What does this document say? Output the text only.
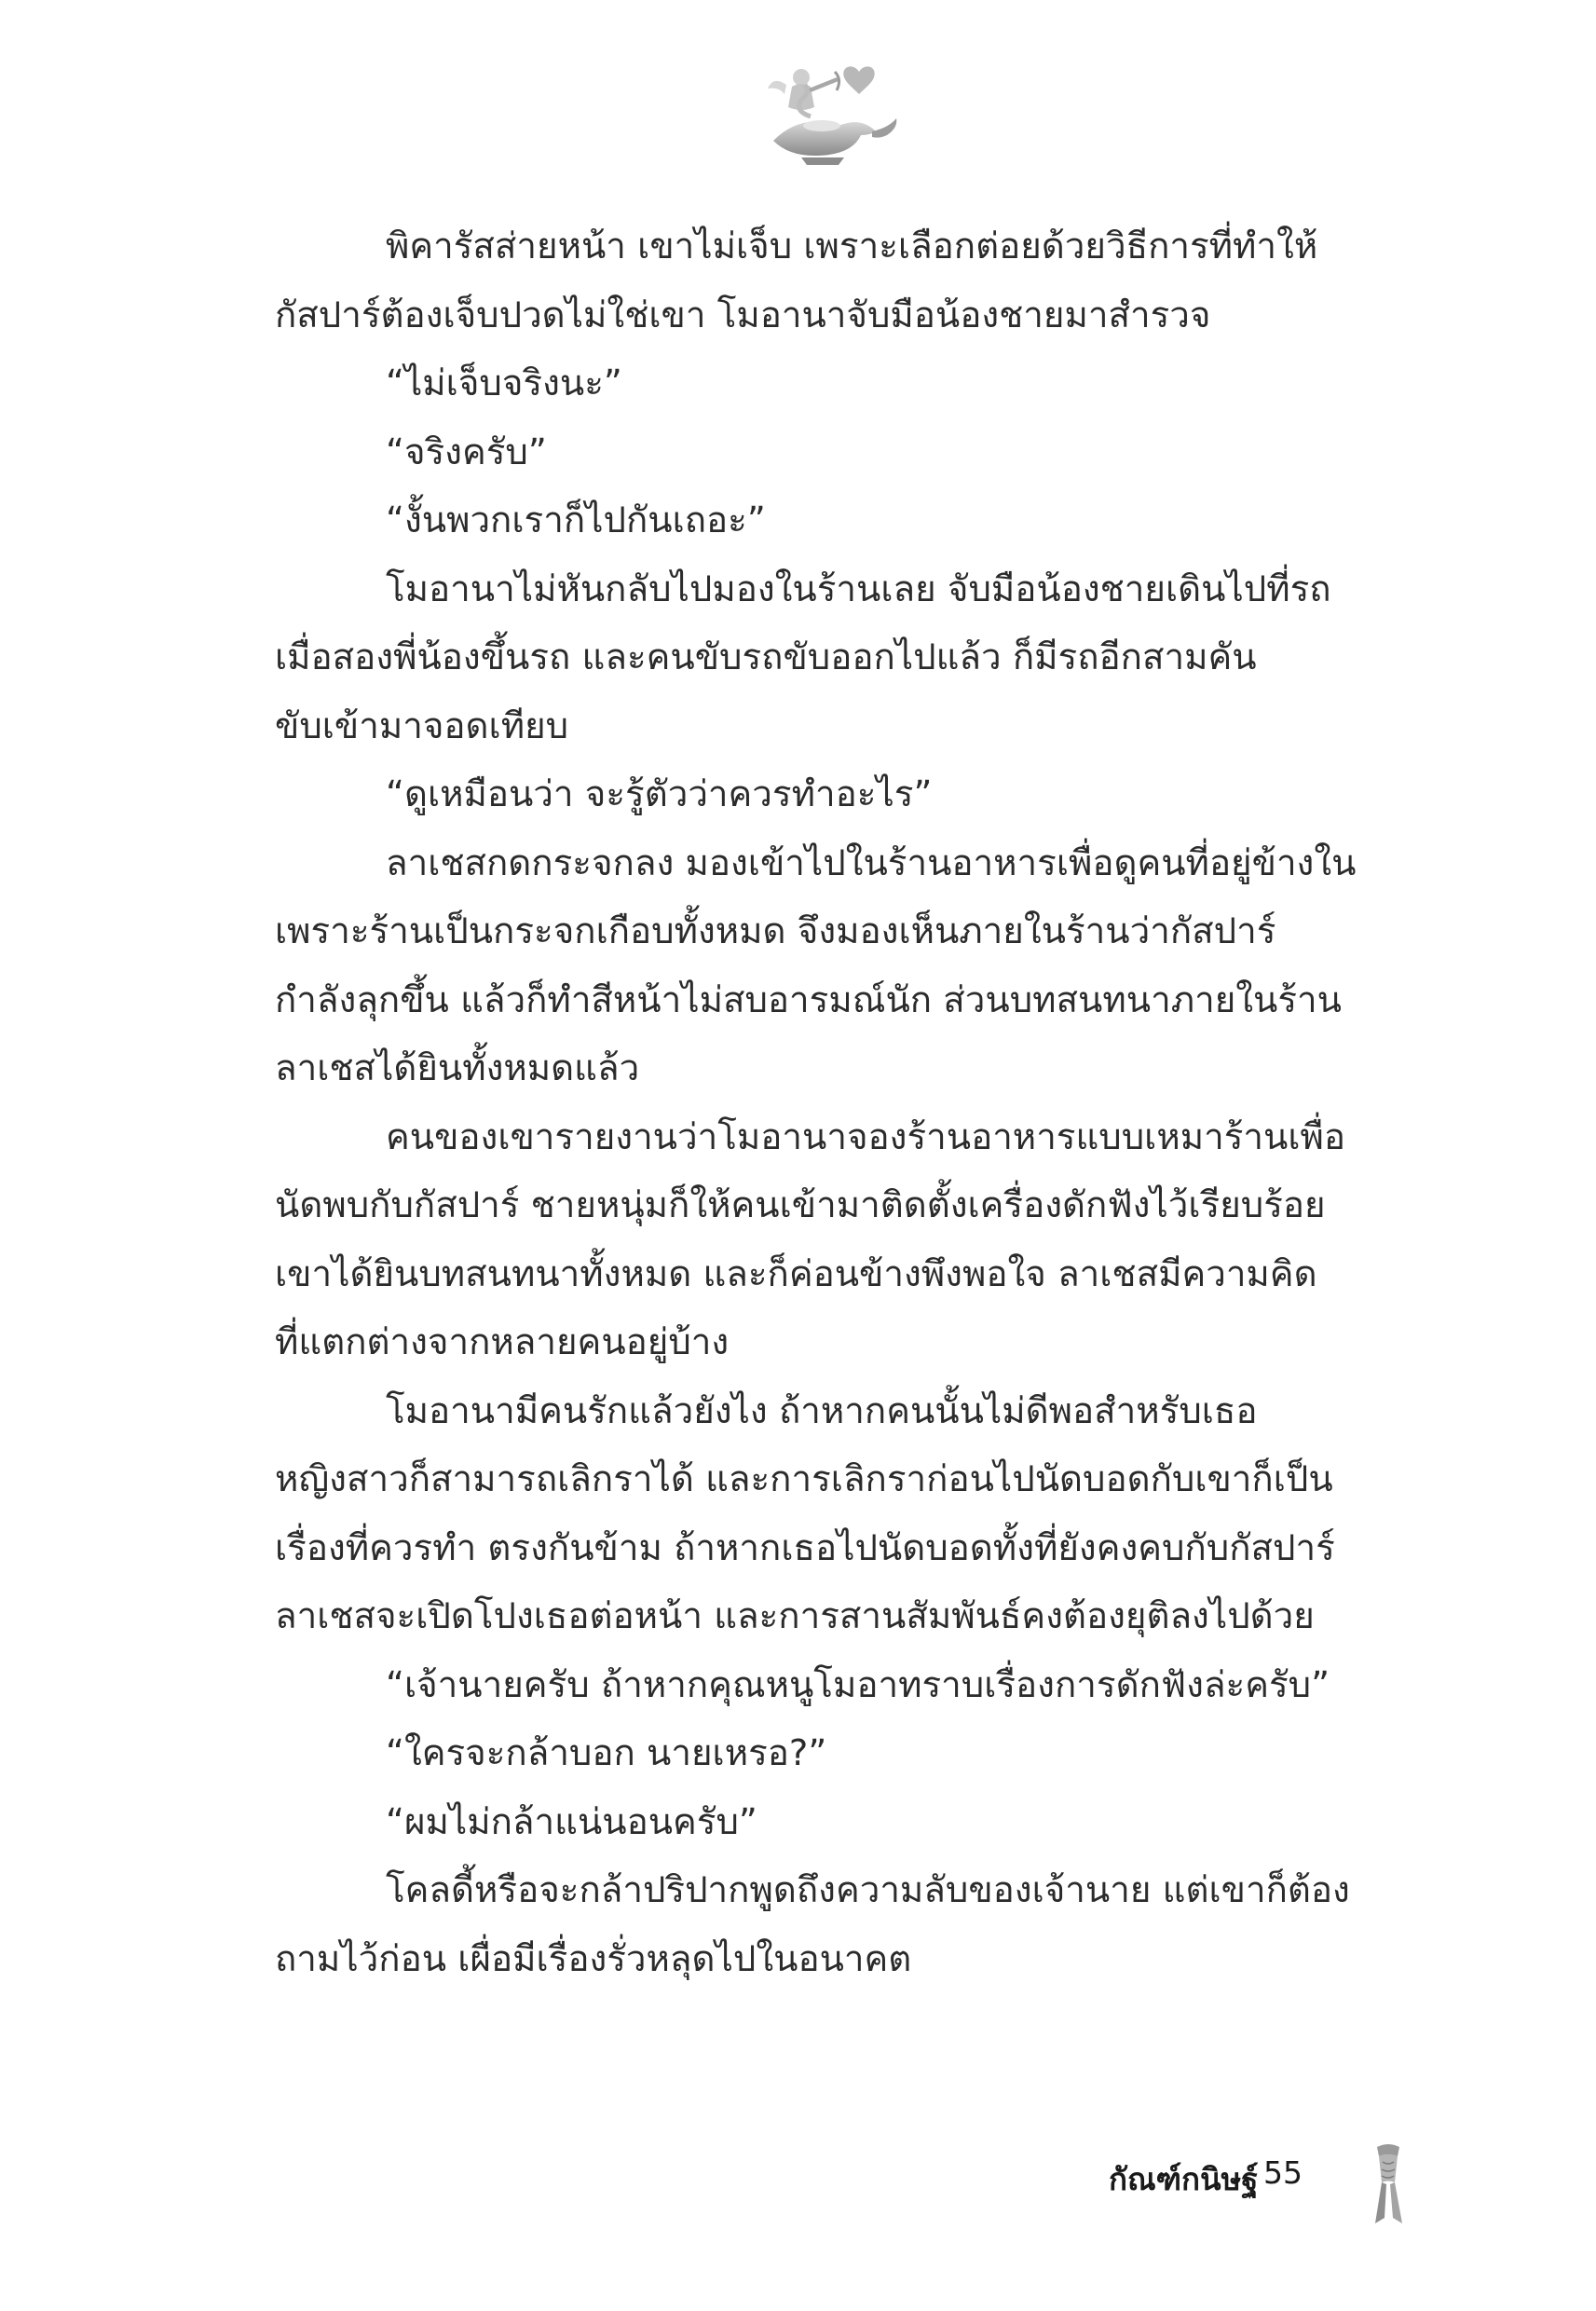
พิคารัสส่ายหน้า เขาไม่เจ็บ เพราะเลือกต่อยด้วยวิธีการที่ทำให้

กัสปาร์ต้องเจ็บปวดไม่ใช่เขา โมอานาจับมือน้องชายมาสำรวจ

“ไม่เจ็บจริงนะ”

“จริงครับ”

“งั้นพวกเราก็ไปกันเถอะ”

โมอานาไม่หันกลับไปมองในร้านเลย จับมือน้องชายเดินไปที่รถ

เมื่อสองพี่น้องขึ้นรถ และคนขับรถขับออกไปแล้ว ก็มีรถอีกสามคัน

ขับเข้ามาจอดเทียบ

“ดูเหมือนว่า จะรู้ตัวว่าควรทำอะไร”

ลาเชสกดกระจกลง มองเข้าไปในร้านอาหารเพื่อดูคนที่อยู่ข้างใน

เพราะร้านเป็นกระจกเกือบทั้งหมด จึงมองเห็นภายในร้านว่ากัสปาร์

กำลังลุกขึ้น แล้วก็ทำสีหน้าไม่สบอารมณ์นัก ส่วนบทสนทนาภายในร้าน

ลาเชสได้ยินทั้งหมดแล้ว

คนของเขารายงานว่าโมอานาจองร้านอาหารแบบเหมาร้านเพื่อ

นัดพบกับกัสปาร์ ชายหนุ่มก็ให้คนเข้ามาติดตั้งเครื่องดักฟังไว้เรียบร้อย

เขาได้ยินบทสนทนาทั้งหมด และก็ค่อนข้างพึงพอใจ ลาเชสมีความคิด

ที่แตกต่างจากหลายคนอยู่บ้าง

โมอานามีคนรักแล้วยังไง ถ้าหากคนนั้นไม่ดีพอสำหรับเธอ

หญิงสาวก็สามารถเลิกราได้ และการเลิกราก่อนไปนัดบอดกับเขาก็เป็น

เรื่องที่ควรทำ ตรงกันข้าม ถ้าหากเธอไปนัดบอดทั้งที่ยังคงคบกับกัสปาร์

ลาเชสจะเปิดโปงเธอต่อหน้า และการสานสัมพันธ์คงต้องยุติลงไปด้วย

“เจ้านายครับ ถ้าหากคุณหนูโมอาทราบเรื่องการดักฟังล่ะครับ”

“ใครจะกล้าบอก นายเหรอ?”

“ผมไม่กล้าแน่นอนครับ”

โคลดี้หรือจะกล้าปริปากพูดถึงความลับของเจ้านาย แต่เขาก็ต้อง

ถามไว้ก่อน เผื่อมีเรื่องรั่วหลุดไปในอนาคต

กัณฑ์กนิษฐ์ 55
